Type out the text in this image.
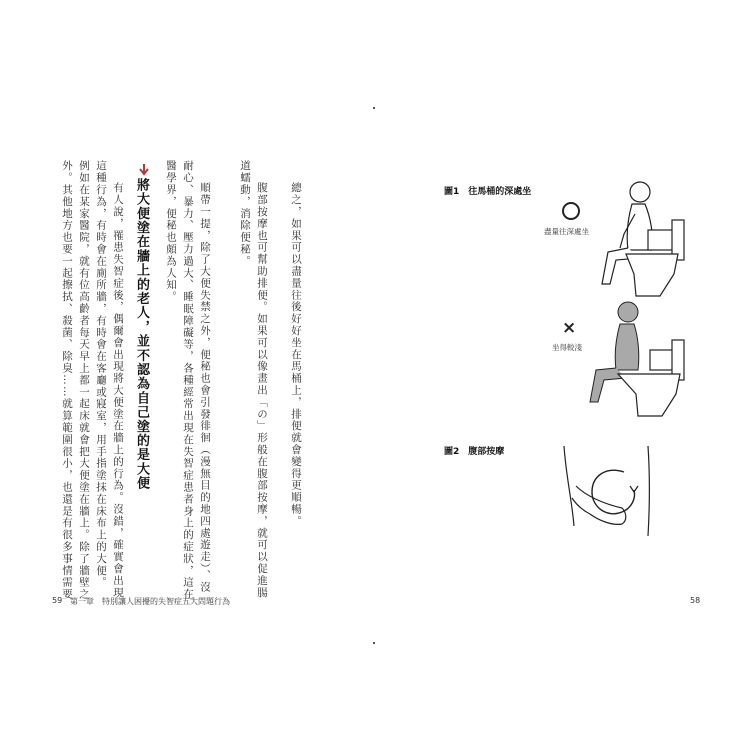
外。其他地方也要一起擦拭、殺菌、除臭……就算範圍很小，也還是有很多事情需要 例如在某家醫院，就有位高齡者每天早上都一起床就會把大便塗在牆上。除了牆壁之 這種行為，有時會在廁所牆，有時會在客廳或寢室，用手指塗抹在床布上的大便。 有人說，罹患失智症後，偶爾會出現將大便塗在牆上的行為。沒錯，確實會出現 將大便塗在牆上的老人，並不認為自己塗的是大便 醫學界，便秘也頗為人知。 耐心、暴力、壓力過大、睡眠障礙等，各種經常出現在失智症患者身上的症狀，這在 順帶一提，除了大便失禁之外，便秘也會引發徘徊（漫無目的地四處遊走）、沒	道蠕動，消除便秘。 腹部按摩也可幫助排便。如果可以像畫出「の」形般在腹部按摩，就可以促進腸 總之，如果可以盡量往後好好坐在馬桶上，排便就會變得更順暢。
59 第一章　特別讓人困擾的失智症五大問題行為
圖1　往馬桶的深處坐
盡量往深處坐
×
坐得較淺
圖2　腹部按摩
58
